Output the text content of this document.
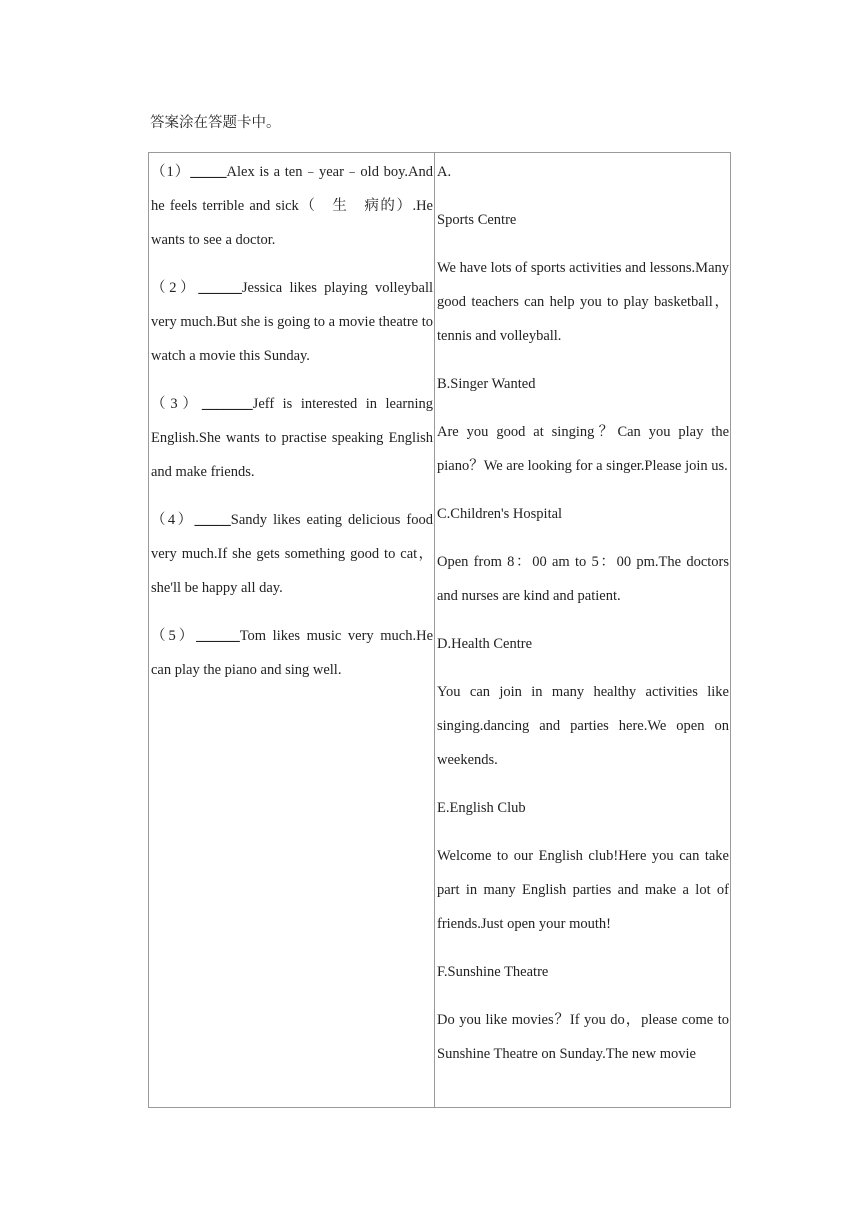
答案涂在答题卡中。

（1）_____Alex is a ten﹣year﹣old boy.And he feels terrible and sick（　生　病的）.He wants to see a doctor.

（2）______Jessica likes playing volleyball very much.But she is going to a movie theatre to watch a movie this Sunday.

（3）_______Jeff is interested in learning English.She wants to practise speaking English and make friends.

（4）_____Sandy likes eating delicious food very much.If she gets something good to cat，she'll be happy all day.

（5）______Tom likes music very much.He can play the piano and sing well.

A.

Sports Centre

We have lots of sports activities and lessons.Many good teachers can help you to play basketball，tennis and volleyball.

B.Singer Wanted

Are you good at singing？Can you play the piano？We are looking for a singer.Please join us.

C.Children's Hospital

Open from 8：00 am to 5：00 pm.The doctors and nurses are kind and patient.

D.Health Centre

You can join in many healthy activities like singing.dancing and parties here.We open on weekends.

E.English Club

Welcome to our English club!Here you can take part in many English parties and make a lot of friends.Just open your mouth!

F.Sunshine Theatre

Do you like movies？If you do，please come to Sunshine Theatre on Sunday.The new movie
